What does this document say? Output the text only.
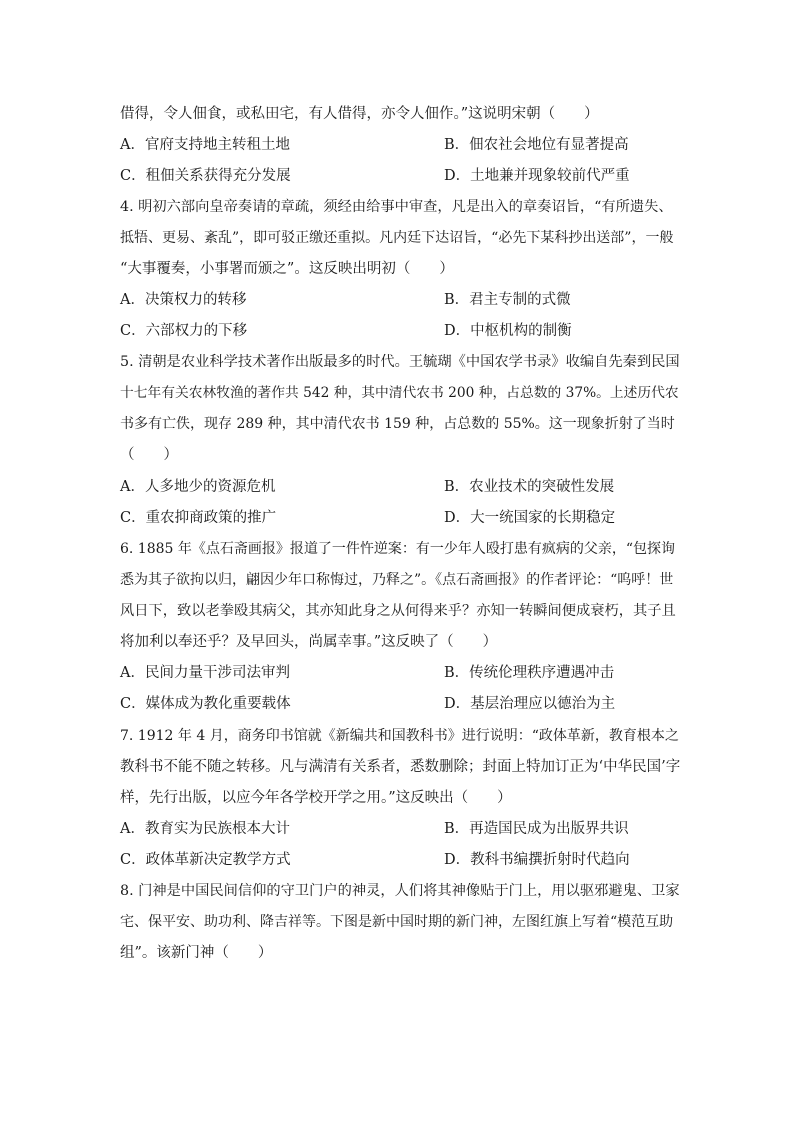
借得，令人佃食，或私田宅，有人借得，亦令人佃作。”这说明宋朝（　　）
A．官府支持地主转租土地	B．佃农社会地位有显著提高
C．租佃关系获得充分发展	D．土地兼并现象较前代严重
4. 明初六部向皇帝奏请的章疏，须经由给事中审查，凡是出入的章奏诏旨，“有所遗失、
抵牾、更易、紊乱”，即可驳正缴还重拟。凡内廷下达诏旨，“必先下某科抄出送部”，一般
“大事覆奏，小事署而颁之”。这反映出明初（　　）
A．决策权力的转移	B．君主专制的式微
C．六部权力的下移	D．中枢机构的制衡
5. 清朝是农业科学技术著作出版最多的时代。王毓瑚《中国农学书录》收编自先秦到民国
十七年有关农林牧渔的著作共 542 种，其中清代农书 200 种，占总数的 37%。上述历代农
书多有亡佚，现存 289 种，其中清代农书 159 种，占总数的 55%。这一现象折射了当时
（　　）
A．人多地少的资源危机	B．农业技术的突破性发展
C．重农抑商政策的推广	D．大一统国家的长期稳定
6. 1885 年《点石斋画报》报道了一件忤逆案：有一少年人殴打患有疯病的父亲，“包探询
悉为其子欲拘以归，翩因少年口称悔过，乃释之”。《点石斋画报》的作者评论：“呜呼！世
风日下，致以老拳殴其病父，其亦知此身之从何得来乎？亦知一转瞬间便成衰朽，其子且
将加利以奉还乎？及早回头，尚属幸事。”这反映了（　　）
A．民间力量干涉司法审判	B．传统伦理秩序遭遇冲击
C．媒体成为教化重要载体	D．基层治理应以德治为主
7. 1912 年 4 月，商务印书馆就《新编共和国教科书》进行说明：“政体革新，教育根本之
教科书不能不随之转移。凡与满清有关系者，悉数删除；封面上特加订正为‘中华民国’字
样，先行出版，以应今年各学校开学之用。”这反映出（　　）
A．教育实为民族根本大计	B．再造国民成为出版界共识
C．政体革新决定教学方式	D．教科书编撰折射时代趋向
8. 门神是中国民间信仰的守卫门户的神灵，人们将其神像贴于门上，用以驱邪避鬼、卫家
宅、保平安、助功利、降吉祥等。下图是新中国时期的新门神，左图红旗上写着“模范互助
组”。该新门神（　　）
